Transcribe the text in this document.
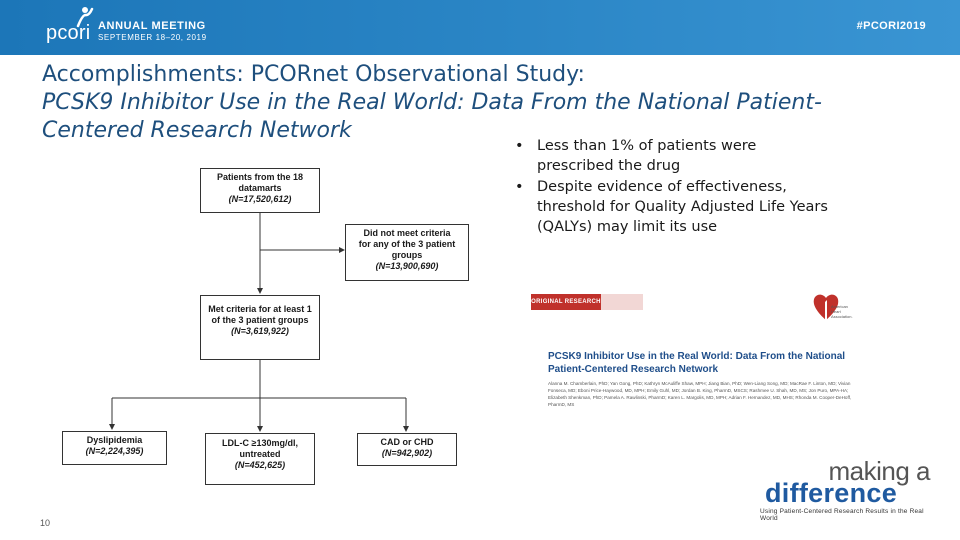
pcori ANNUAL MEETING
SEPTEMBER 18–20, 2019
#PCORI2019
Accomplishments: PCORnet Observational Study:
PCSK9 Inhibitor Use in the Real World: Data From the National Patient-
Centered Research Network
Patients from the 18 datamarts
(N=17,520,612)
Did not meet criteria for any of the 3 patient groups
(N=13,900,690)
Met criteria for at least 1 of the 3 patient groups
(N=3,619,922)
Dyslipidemia
(N=2,224,395)
LDL-C ≥130mg/dl, untreated
(N=452,625)
CAD or CHD
(N=942,902)
• Less than 1% of patients were prescribed the drug
• Despite evidence of effectiveness, threshold for Quality Adjusted Life Years (QALYs) may limit its use
ORIGINAL RESEARCH
American Heart Association.
PCSK9 Inhibitor Use in the Real World: Data From the National Patient-Centered Research Network
Alanna M. Chamberlain, PhD; Yan Gong, PhD; Kathryn McAuliffe Shaw, MPH; Jiang Bian, PhD; Wen-Liang Song, MD; MacRae F. Linton, MD; Vivian Fonseca, MD; Eboni Price-Haywood, MD, MPH; Emily Guhl, MD; Jordan B. King, PharmD, MSCS; Rashmee U. Shah, MD, MS; Jon Puro, MPA-HA; Elizabeth Shenkman, PhD; Pamela A. Rawlinski, PharmD; Karen L. Margolis, MD, MPH; Adrian F. Hernandez, MD, MHS; Rhonda M. Cooper-DeHoff, PharmD, MS
making a
difference
Using Patient-Centered Research Results in the Real World
10
